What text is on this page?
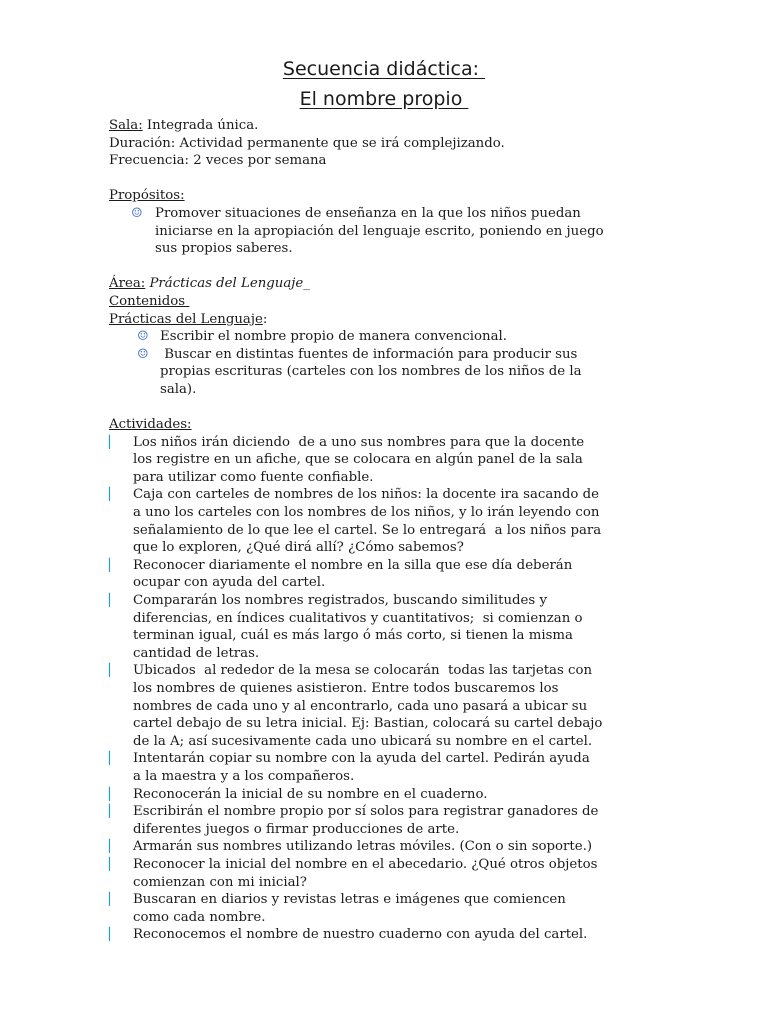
Secuencia didáctica:
El nombre propio
Sala: Integrada única.
Duración: Actividad permanente que se irá complejizando.
Frecuencia: 2 veces por semana
Propósitos:
☺ Promover situaciones de enseñanza en la que los niños puedan
iniciarse en la apropiación del lenguaje escrito, poniendo en juego
sus propios saberes.
Área: Prácticas del Lenguaje_
Contenidos
Prácticas del Lenguaje:
☺ Escribir el nombre propio de manera convencional.
☺ Buscar en distintas fuentes de información para producir sus
propias escrituras (carteles con los nombres de los niños de la
sala).
Actividades:
▏ Los niños irán diciendo  de a uno sus nombres para que la docente
los registre en un afiche, que se colocara en algún panel de la sala
para utilizar como fuente confiable.
▏ Caja con carteles de nombres de los niños: la docente ira sacando de
a uno los carteles con los nombres de los niños, y lo irán leyendo con
señalamiento de lo que lee el cartel. Se lo entregará  a los niños para
que lo exploren, ¿Qué dirá allí? ¿Cómo sabemos?
▏ Reconocer diariamente el nombre en la silla que ese día deberán
ocupar con ayuda del cartel.
▏ Compararán los nombres registrados, buscando similitudes y
diferencias, en índices cualitativos y cuantitativos;  si comienzan o
terminan igual, cuál es más largo ó más corto, si tienen la misma
cantidad de letras.
▏ Ubicados  al rededor de la mesa se colocarán  todas las tarjetas con
los nombres de quienes asistieron. Entre todos buscaremos los
nombres de cada uno y al encontrarlo, cada uno pasará a ubicar su
cartel debajo de su letra inicial. Ej: Bastian, colocará su cartel debajo
de la A; así sucesivamente cada uno ubicará su nombre en el cartel.
▏ Intentarán copiar su nombre con la ayuda del cartel. Pedirán ayuda
a la maestra y a los compañeros.
▏ Reconocerán la inicial de su nombre en el cuaderno.
▏ Escribirán el nombre propio por sí solos para registrar ganadores de
diferentes juegos o firmar producciones de arte.
▏ Armarán sus nombres utilizando letras móviles. (Con o sin soporte.)
▏ Reconocer la inicial del nombre en el abecedario. ¿Qué otros objetos
comienzan con mi inicial?
▏ Buscaran en diarios y revistas letras e imágenes que comiencen
como cada nombre.
▏ Reconocemos el nombre de nuestro cuaderno con ayuda del cartel.
